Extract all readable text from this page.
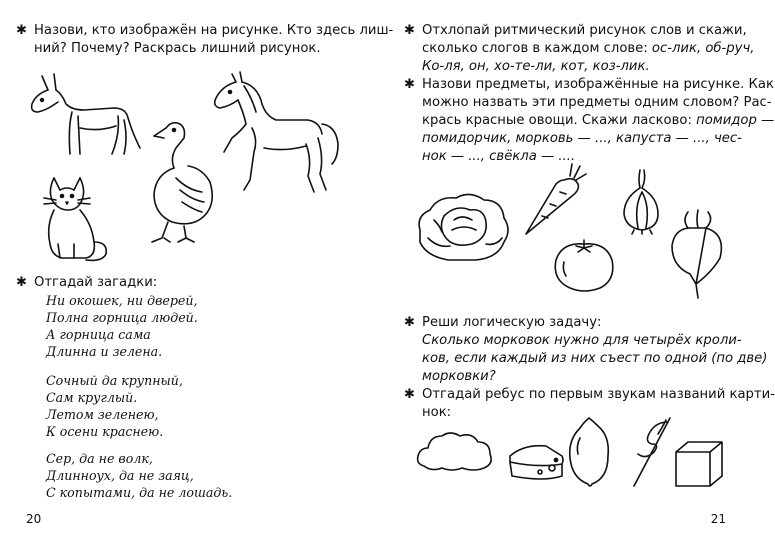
✱ Назови, кто изображён на рисунке. Кто здесь лиш-
ний? Почему? Раскрась лишний рисунок.
✱ Отгадай загадки:
Ни окошек, ни дверей,
Полна горница людей.
А горница сама
Длинна и зелена.
Сочный да крупный,
Сам круглый.
Летом зеленею,
К осени краснею.
Сер, да не волк,
Длинноух, да не заяц,
С копытами, да не лошадь.
20
✱ Отхлопай ритмический рисунок слов и скажи,
сколько слогов в каждом слове: ос-лик, об-руч,
Ко-ля, он, хо-те-ли, кот, коз-лик.
✱ Назови предметы, изображённые на рисунке. Как
можно назвать эти предметы одним словом? Рас-
крась красные овощи. Скажи ласково: помидор —
помидорчик, морковь — ..., капуста — ..., чес-
нок — ..., свёкла — ....
✱ Реши логическую задачу:
Сколько морковок нужно для четырёх кроли-
ков, если каждый из них съест по одной (по две)
морковки?
✱ Отгадай ребус по первым звукам названий карти-
нок:
21
